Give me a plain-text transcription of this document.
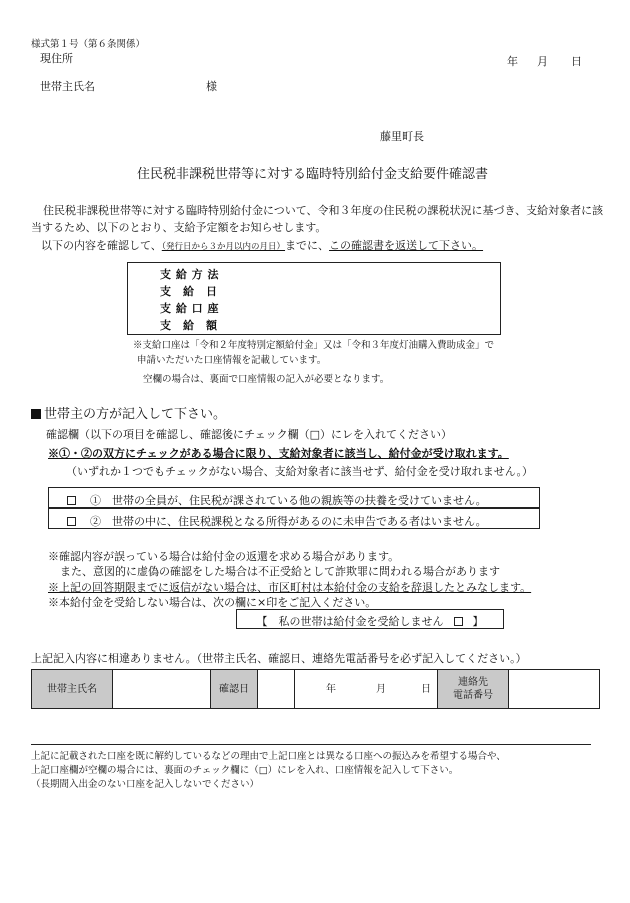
様式第１号（第６条関係）
現住所	年 月 日
世帯主氏名	様
藤里町長
住民税非課税世帯等に対する臨時特別給付金支給要件確認書
住民税非課税世帯等に対する臨時特別給付金について、令和３年度の住民税の課税状況に基づき、支給対象者に該当するため、以下のとおり、支給予定額をお知らせします。
以下の内容を確認して、（発行日から３か月以内の月日）までに、この確認書を返送して下さい。
支 給 方 法
支　給　日
支 給 口 座
支　給　額
※支給口座は「令和２年度特別定額給付金」又は「令和３年度灯油購入費助成金」で
申請いただいた口座情報を記載しています。
空欄の場合は、裏面で口座情報の記入が必要となります。
世帯主の方が記入して下さい。
確認欄（以下の項目を確認し、確認後にチェック欄（□）にレを入れてください）
※①・②の双方にチェックがある場合に限り、支給対象者に該当し、給付金が受け取れます。
（いずれか１つでもチェックがない場合、支給対象者に該当せず、給付金を受け取れません。）
①　世帯の全員が、住民税が課されている他の親族等の扶養を受けていません。
②　世帯の中に、住民税課税となる所得があるのに未申告である者はいません。
※確認内容が誤っている場合は給付金の返還を求める場合があります。
また、意図的に虚偽の確認をした場合は不正受給として詐欺罪に問われる場合があります
※上記の回答期限までに返信がない場合は、市区町村は本給付金の支給を辞退したとみなします。
※本給付金を受給しない場合は、次の欄に×印をご記入ください。
【　私の世帯は給付金を受給しません	】
上記記入内容に相違ありません。（世帯主氏名、確認日、連絡先電話番号を必ず記入してください。）
世帯主氏名	確認日	年	月	日
連絡先
電話番号
上記に記載された口座を既に解約しているなどの理由で上記口座とは異なる口座への振込みを希望する場合や、
上記口座欄が空欄の場合には、裏面のチェック欄に（□）にレを入れ、口座情報を記入して下さい。
（長期間入出金のない口座を記入しないでください）
